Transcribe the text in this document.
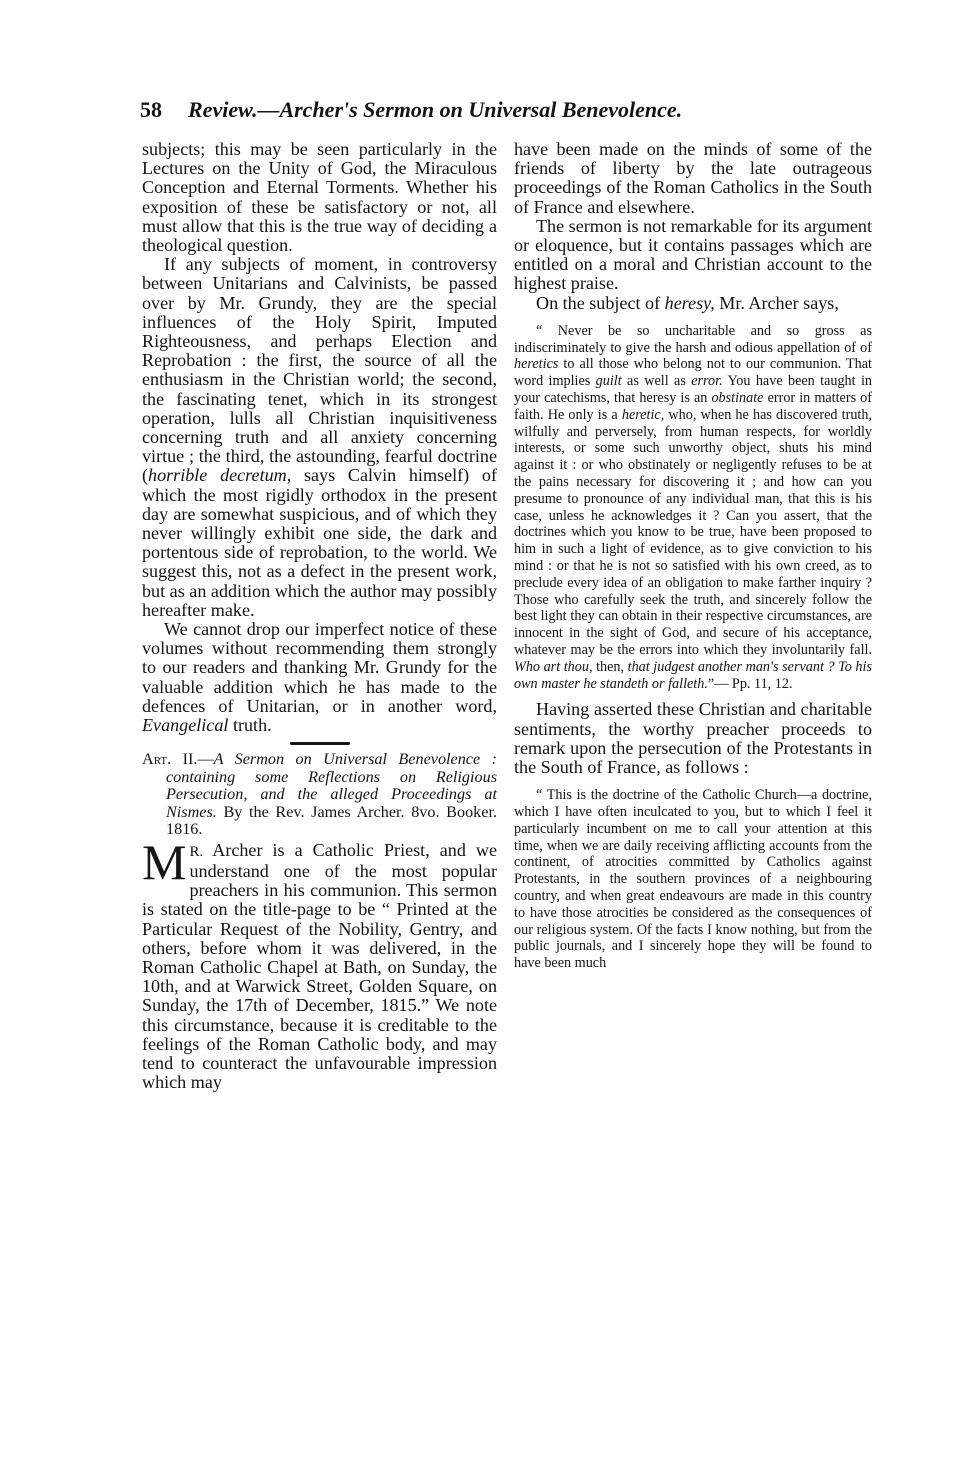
58 Review.—Archer's Sermon on Universal Benevolence.

subjects; this may be seen particularly in the Lectures on the Unity of God, the Miraculous Conception and Eternal Torments. Whether his exposition of these be satisfactory or not, all must allow that this is the true way of deciding a theological question.

If any subjects of moment, in controversy between Unitarians and Calvinists, be passed over by Mr. Grundy, they are the special influences of the Holy Spirit, Imputed Righteousness, and perhaps Election and Reprobation : the first, the source of all the enthusiasm in the Christian world; the second, the fascinating tenet, which in its strongest operation, lulls all Christian inquisitiveness concerning truth and all anxiety concerning virtue ; the third, the astounding, fearful doctrine (horrible decretum, says Calvin himself) of which the most rigidly orthodox in the present day are somewhat suspicious, and of which they never willingly exhibit one side, the dark and portentous side of reprobation, to the world. We suggest this, not as a defect in the present work, but as an addition which the author may possibly hereafter make.

We cannot drop our imperfect notice of these volumes without recommending them strongly to our readers and thanking Mr. Grundy for the valuable addition which he has made to the defences of Unitarian, or in another word, Evangelical truth.

Art. II.—A Sermon on Universal Benevolence : containing some Reflections on Religious Persecution, and the alleged Proceedings at Nismes. By the Rev. James Archer. 8vo. Booker. 1816.

MR. Archer is a Catholic Priest, and we understand one of the most popular preachers in his communion. This sermon is stated on the title-page to be “ Printed at the Particular Request of the Nobility, Gentry, and others, before whom it was delivered, in the Roman Catholic Chapel at Bath, on Sunday, the 10th, and at Warwick Street, Golden Square, on Sunday, the 17th of December, 1815.” We note this circumstance, because it is creditable to the feelings of the Roman Catholic body, and may tend to counteract the unfavourable impression which may

have been made on the minds of some of the friends of liberty by the late outrageous proceedings of the Roman Catholics in the South of France and elsewhere.

The sermon is not remarkable for its argument or eloquence, but it contains passages which are entitled on a moral and Christian account to the highest praise.

On the subject of heresy, Mr. Archer says,

“ Never be so uncharitable and so gross as indiscriminately to give the harsh and odious appellation of of heretics to all those who belong not to our communion. That word implies guilt as well as error. You have been taught in your catechisms, that heresy is an obstinate error in matters of faith. He only is a heretic, who, when he has discovered truth, wilfully and perversely, from human respects, for worldly interests, or some such unworthy object, shuts his mind against it : or who obstinately or negligently refuses to be at the pains necessary for discovering it ; and how can you presume to pronounce of any individual man, that this is his case, unless he acknowledges it ? Can you assert, that the doctrines which you know to be true, have been proposed to him in such a light of evidence, as to give conviction to his mind : or that he is not so satisfied with his own creed, as to preclude every idea of an obligation to make farther inquiry ? Those who carefully seek the truth, and sincerely follow the best light they can obtain in their respective circumstances, are innocent in the sight of God, and secure of his acceptance, whatever may be the errors into which they involuntarily fall. Who art thou, then, that judgest another man's servant ? To his own master he standeth or falleth.”— Pp. 11, 12.

Having asserted these Christian and charitable sentiments, the worthy preacher proceeds to remark upon the persecution of the Protestants in the South of France, as follows :

“ This is the doctrine of the Catholic Church—a doctrine, which I have often inculcated to you, but to which I feel it particularly incumbent on me to call your attention at this time, when we are daily receiving afflicting accounts from the continent, of atrocities committed by Catholics against Protestants, in the southern provinces of a neighbouring country, and when great endeavours are made in this country to have those atrocities be considered as the consequences of our religious system. Of the facts I know nothing, but from the public journals, and I sincerely hope they will be found to have been much
